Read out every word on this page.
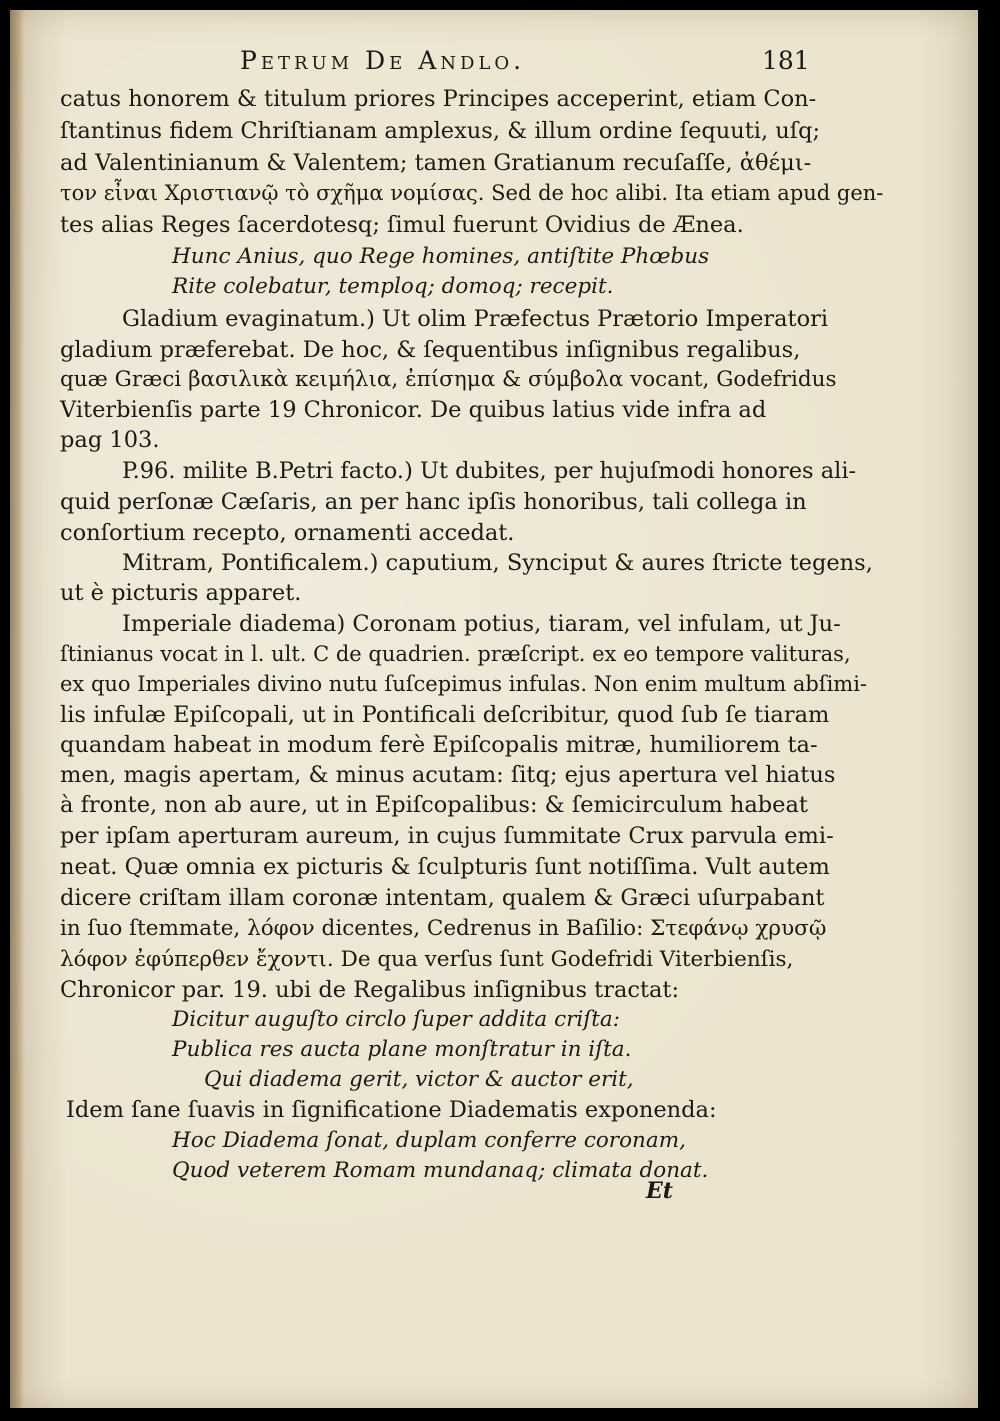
Petrum De Andlo.	181
catus honorem & titulum priores Principes acceperint, etiam Con-
ſtantinus fidem Chriſtianam amplexus, & illum ordine ſequuti, uſq;
ad Valentinianum & Valentem; tamen Gratianum recuſaſſe, ἀθέμι-
τον εἶναι Χριστιανῷ τὸ σχῆμα νομίσας. Sed de hoc alibi. Ita etiam apud gen-
tes alias Reges ſacerdotesq; ſimul fuerunt Ovidius de Ænea.
Hunc Anius, quo Rege homines, antiſtite Phœbus
Rite colebatur, temploq; domoq; recepit.
Gladium evaginatum.) Ut olim Præfectus Prætorio Imperatori
gladium præferebat. De hoc, & ſequentibus inſignibus regalibus,
quæ Græci βασιλικὰ κειμήλια, ἐπίσημα & σύμβολα vocant, Godefridus
Viterbienſis parte 19 Chronicor. De quibus latius vide infra ad
pag 103.
P.96. milite B.Petri facto.) Ut dubites, per hujuſmodi honores ali-
quid perſonæ Cæſaris, an per hanc ipſis honoribus, tali collega in
conſortium recepto, ornamenti accedat.
Mitram, Pontificalem.) caputium, Synciput & aures ſtricte tegens,
ut è picturis apparet.
Imperiale diadema) Coronam potius, tiaram, vel infulam, ut Ju-
ſtinianus vocat in l. ult. C de quadrien. præſcript. ex eo tempore valituras,
ex quo Imperiales divino nutu ſuſcepimus infulas. Non enim multum abſimi-
lis infulæ Epiſcopali, ut in Pontificali deſcribitur, quod ſub ſe tiaram
quandam habeat in modum ferè Epiſcopalis mitræ, humiliorem ta-
men, magis apertam, & minus acutam: ſitq; ejus apertura vel hiatus
à fronte, non ab aure, ut in Epiſcopalibus: & ſemicirculum habeat
per ipſam aperturam aureum, in cujus ſummitate Crux parvula emi-
neat. Quæ omnia ex picturis & ſculpturis ſunt notiſſima. Vult autem
dicere criſtam illam coronæ intentam, qualem & Græci uſurpabant
in ſuo ſtemmate, λόφον dicentes, Cedrenus in Baſilio: Στεφάνῳ χρυσῷ
λόφον ἐφύπερθεν ἔχοντι. De qua verſus ſunt Godefridi Viterbienſis,
Chronicor par. 19. ubi de Regalibus inſignibus tractat:
Dicitur auguſto circlo ſuper addita criſta:
Publica res aucta plane monſtratur in iſta.
Qui diadema gerit, victor & auctor erit,
Idem ſane ſuavis in ſignificatione Diadematis exponenda:
Hoc Diadema ſonat, duplam conferre coronam,
Quod veterem Romam mundanaq; climata donat.
Et
